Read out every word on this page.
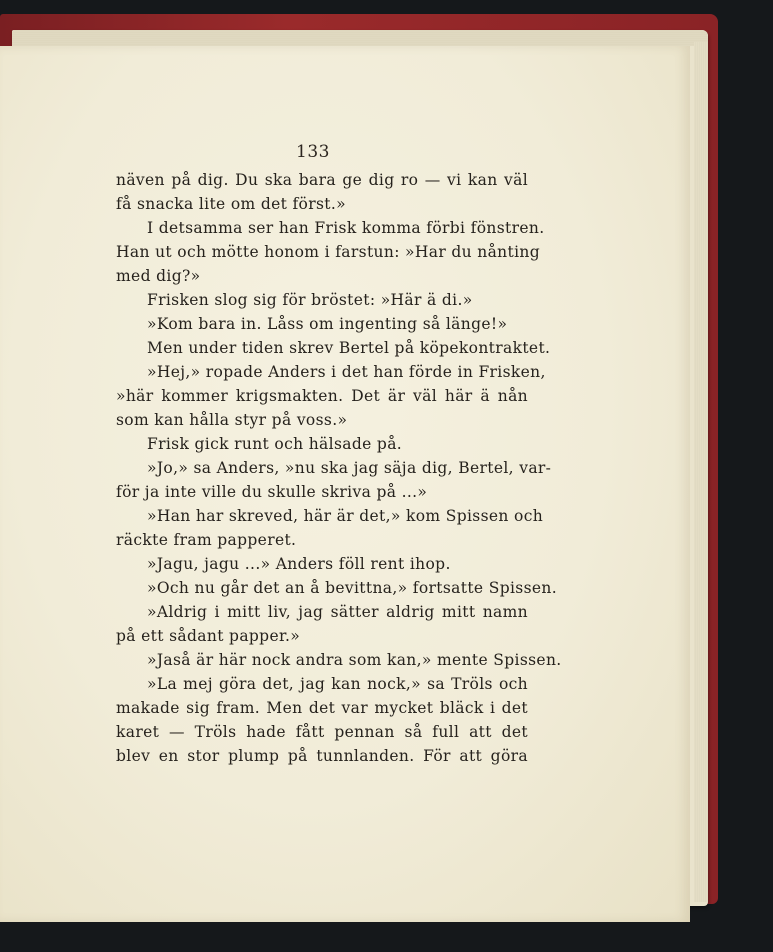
133
näven på dig. Du ska bara ge dig ro — vi kan väl
få snacka lite om det först.»
I detsamma ser han Frisk komma förbi fönstren.
Han ut och mötte honom i farstun: »Har du nånting
med dig?»
Frisken slog sig för bröstet: »Här ä di.»
»Kom bara in. Låss om ingenting så länge!»
Men under tiden skrev Bertel på köpekontraktet.
»Hej,» ropade Anders i det han förde in Frisken,
»här kommer krigsmakten. Det är väl här ä nån
som kan hålla styr på voss.»
Frisk gick runt och hälsade på.
»Jo,» sa Anders, »nu ska jag säja dig, Bertel, var-
för ja inte ville du skulle skriva på ...»
»Han har skreved, här är det,» kom Spissen och
räckte fram papperet.
»Jagu, jagu ...» Anders föll rent ihop.
»Och nu går det an å bevittna,» fortsatte Spissen.
»Aldrig i mitt liv, jag sätter aldrig mitt namn
på ett sådant papper.»
»Jaså är här nock andra som kan,» mente Spissen.
»La mej göra det, jag kan nock,» sa Tröls och
makade sig fram. Men det var mycket bläck i det
karet — Tröls hade fått pennan så full att det
blev en stor plump på tunnlanden. För att göra
